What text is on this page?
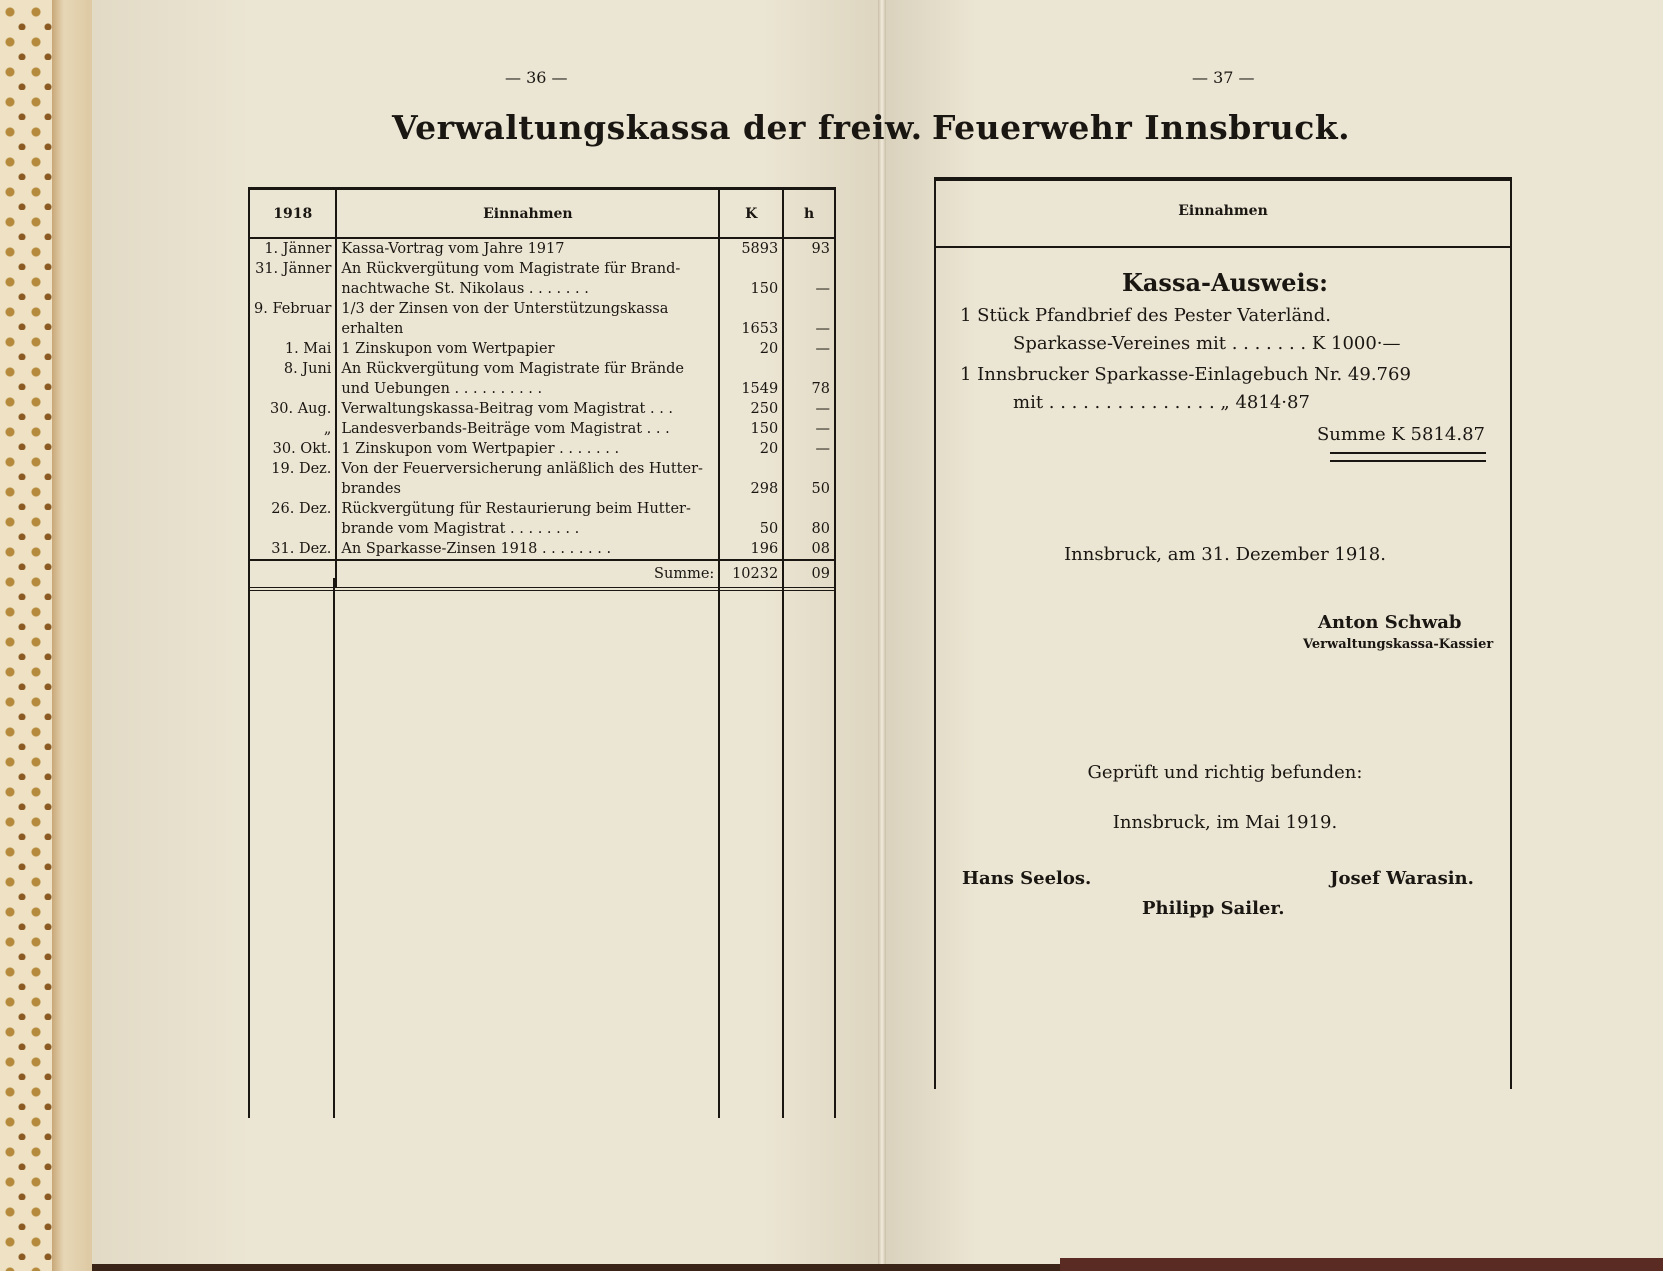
— 36 —
Verwaltungskassa der freiw.
1918	Einnahmen	K	h
1. Jänner	Kassa-Vortrag vom Jahre 1917	5893	93
31. Jänner	An Rückvergütung vom Magistrate für Brand-nachtwache St. Nikolaus . . . . . . .	150	—
9. Februar	1/3 der Zinsen von der Unterstützungskassa erhalten	1653	—
1. Mai	1 Zinskupon vom Wertpapier	20	—
8. Juni	An Rückvergütung vom Magistrate für Brände und Uebungen . . . . . . . . . .	1549	78
30. Aug.	Verwaltungskassa-Beitrag vom Magistrat . . .	250	—
„	Landesverbands-Beiträge vom Magistrat . . .	150	—
30. Okt.	1 Zinskupon vom Wertpapier . . . . . . .	20	—
19. Dez.	Von der Feuerversicherung anläßlich des Hutter-brandes	298	50
26. Dez.	Rückvergütung für Restaurierung beim Hutter-brande vom Magistrat . . . . . . . .	50	80
31. Dez.	An Sparkasse-Zinsen 1918 . . . . . . . .	196	08
	Summe:	10232	09
— 37 —
Feuerwehr Innsbruck.
Einnahmen
Kassa-Ausweis:
1 Stück Pfandbrief des Pester Vaterländ.
Sparkasse-Vereines mit . . . . . . . K 1000·—
1 Innsbrucker Sparkasse-Einlagebuch Nr. 49.769
mit . . . . . . . . . . . . . . . „ 4814·87
Summe K 5814.87
Innsbruck, am 31. Dezember 1918.
Anton Schwab
Verwaltungskassa-Kassier
Geprüft und richtig befunden:
Innsbruck, im Mai 1919.
Hans Seelos.	Josef Warasin.
Philipp Sailer.
